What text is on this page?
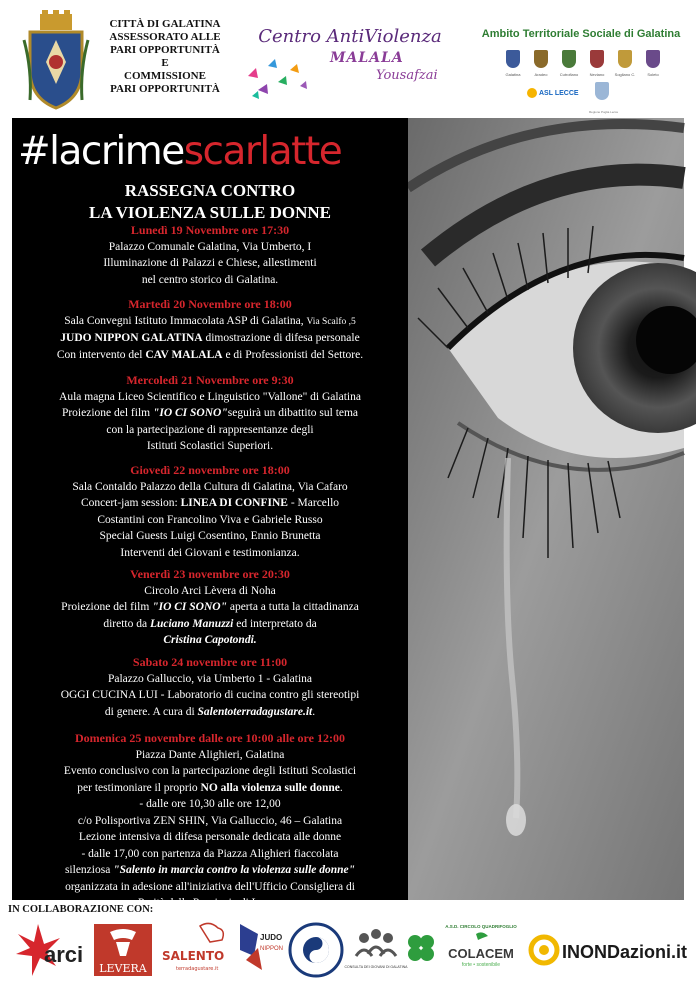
CITTÀ DI GALATINA
ASSESSORATO ALLE
PARI OPPORTUNITÀ
E
COMMISSIONE
PARI OPPORTUNITÀ
Centro AntiViolenza
MALALA
Yousafzai
Ambito Territoriale Sociale di Galatina
Galatina	Aradeo	Cutrofiano	Neviano	Sogliano C.	Soleto
ASL LECCE
Regione Puglia Lecce
#lacrimescarlatte
RASSEGNA CONTRO
LA VIOLENZA SULLE DONNE
Lunedì 19 Novembre ore 17:30
Palazzo Comunale Galatina, Via Umberto, I
Illuminazione di Palazzi e Chiese, allestimenti
nel centro storico di Galatina.
Martedì 20 Novembre ore 18:00
Sala Convegni Istituto Immacolata ASP di Galatina, Via Scalfo ,5
JUDO NIPPON GALATINA dimostrazione di difesa personale
Con intervento del CAV MALALA e di Professionisti del Settore.
Mercoledì 21 Novembre ore 9:30
Aula magna Liceo Scientifico e Linguistico "Vallone" di Galatina
Proiezione del film "IO CI SONO"seguirà un dibattito sul tema
con la partecipazione di rappresentanze degli
Istituti Scolastici Superiori.
Giovedì 22 novembre ore 18:00
Sala Contaldo Palazzo della Cultura di Galatina, Via Cafaro
Concert-jam session: LINEA DI CONFINE - Marcello
Costantini con Francolino Viva e Gabriele Russo
Special Guests Luigi Cosentino, Ennio Brunetta
Interventi dei Giovani e testimonianza.
Venerdì 23 novembre ore 20:30
Circolo Arci Lèvera di Noha
Proiezione del film "IO CI SONO" aperta a tutta la cittadinanza
diretto da Luciano Manuzzi ed interpretato da
Cristina Capotondi.
Sabato 24 novembre ore 11:00
Palazzo Galluccio, via Umberto 1 - Galatina
OGGI CUCINA LUI - Laboratorio di cucina contro gli stereotipi
di genere. A cura di Salentoterradagustare.it.
Domenica 25 novembre dalle ore 10:00 alle ore 12:00
Piazza Dante Alighieri, Galatina
Evento conclusivo con la partecipazione degli Istituti Scolastici
per testimoniare il proprio NO alla violenza sulle donne.
- dalle ore 10,30 alle ore 12,00
c/o Polisportiva ZEN SHIN, Via Galluccio, 46 – Galatina
Lezione intensiva di difesa personale dedicata alle donne
- dalle 17,00 con partenza da Piazza Alighieri fiaccolata
silenziosa "Salento in marcia contro la violenza sulle donne"
organizzata in adesione all'iniziativa dell'Ufficio Consigliera di
IN COLLABORAZIONE CON:
arci
LEVERA
SALENTO
terradagustare.it
JUDO
NIPPON
CONSULTA DEI GIOVANI DI GALATINA
A.S.D. CIRCOLO QUADRIFOGLIO
COLACEM
forte • sostenibile
INONDazioni.it
